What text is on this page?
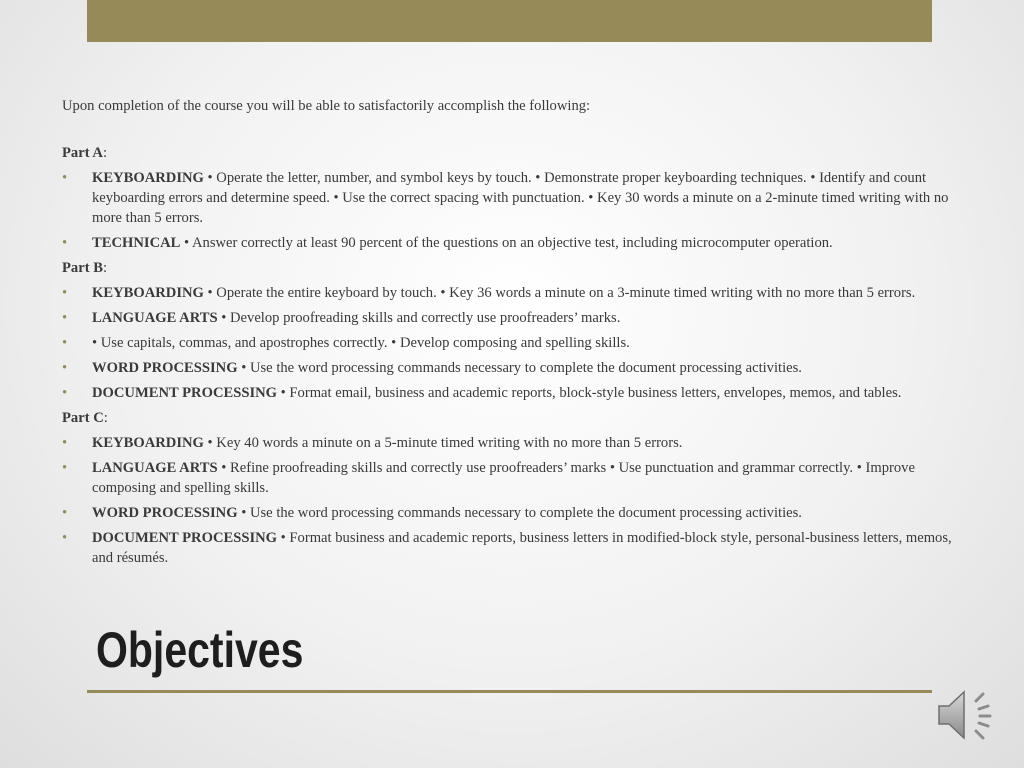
Upon completion of the course you will be able to satisfactorily accomplish the following:

Part A:
•	KEYBOARDING • Operate the letter, number, and symbol keys by touch. • Demonstrate proper keyboarding techniques. • Identify and count keyboarding errors and determine speed. • Use the correct spacing with punctuation. • Key 30 words a minute on a 2-minute timed writing with no more than 5 errors.
•	TECHNICAL • Answer correctly at least 90 percent of the questions on an objective test, including microcomputer operation.
Part B:
•	KEYBOARDING • Operate the entire keyboard by touch. • Key 36 words a minute on a 3-minute timed writing with no more than 5 errors.
•	LANGUAGE ARTS • Develop proofreading skills and correctly use proofreaders’ marks.
•	• Use capitals, commas, and apostrophes correctly. • Develop composing and spelling skills.
•	WORD PROCESSING • Use the word processing commands necessary to complete the document processing activities.
•	DOCUMENT PROCESSING • Format email, business and academic reports, block-style business letters, envelopes, memos, and tables.
Part C:
•	KEYBOARDING • Key 40 words a minute on a 5-minute timed writing with no more than 5 errors.
•	LANGUAGE ARTS • Refine proofreading skills and correctly use proofreaders’ marks • Use punctuation and grammar correctly. • Improve composing and spelling skills.
•	WORD PROCESSING • Use the word processing commands necessary to complete the document processing activities.
•	DOCUMENT PROCESSING • Format business and academic reports, business letters in modified-block style, personal-business letters, memos, and résumés.
Objectives
